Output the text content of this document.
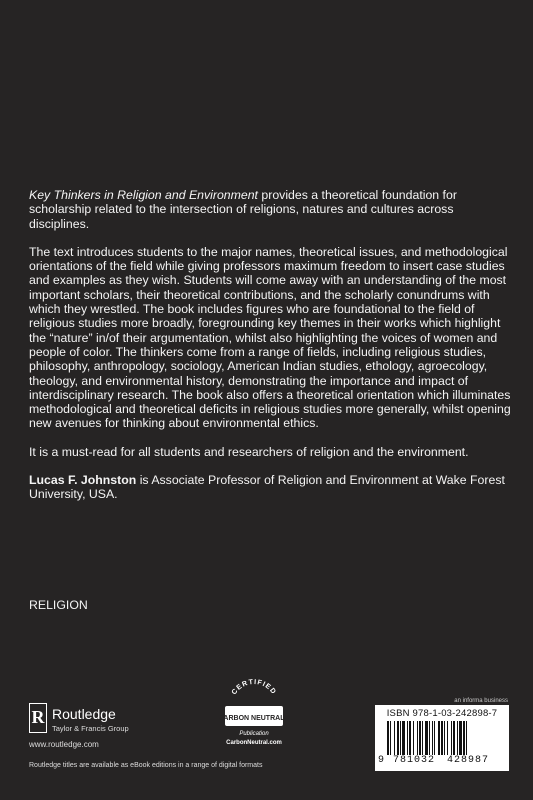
Key Thinkers in Religion and Environment provides a theoretical foundation for scholarship related to the intersection of religions, natures and cultures across disciplines.

The text introduces students to the major names, theoretical issues, and methodological orientations of the field while giving professors maximum freedom to insert case studies and examples as they wish. Students will come away with an understanding of the most important scholars, their theoretical contributions, and the scholarly conundrums with which they wrestled. The book includes figures who are foundational to the field of religious studies more broadly, foregrounding key themes in their works which highlight the “nature” in/of their argumentation, whilst also highlighting the voices of women and people of color. The thinkers come from a range of fields, including religious studies, philosophy, anthropology, sociology, American Indian studies, ethology, agroecology, theology, and environmental history, demonstrating the importance and impact of interdisciplinary research. The book also offers a theoretical orientation which illuminates methodological and theoretical deficits in religious studies more generally, whilst opening new avenues for thinking about environmental ethics.

It is a must-read for all students and researchers of religion and the environment.

Lucas F. Johnston is Associate Professor of Religion and Environment at Wake Forest University, USA.

RELIGION
R Routledge
Taylor & Francis Group
www.routledge.com
CERTIFIED
CARBON NEUTRAL®
Publication
CarbonNeutral.com
an informa business
ISBN 978-1-03-242898-7
9 781032 428987
Routledge titles are available as eBook editions in a range of digital formats
